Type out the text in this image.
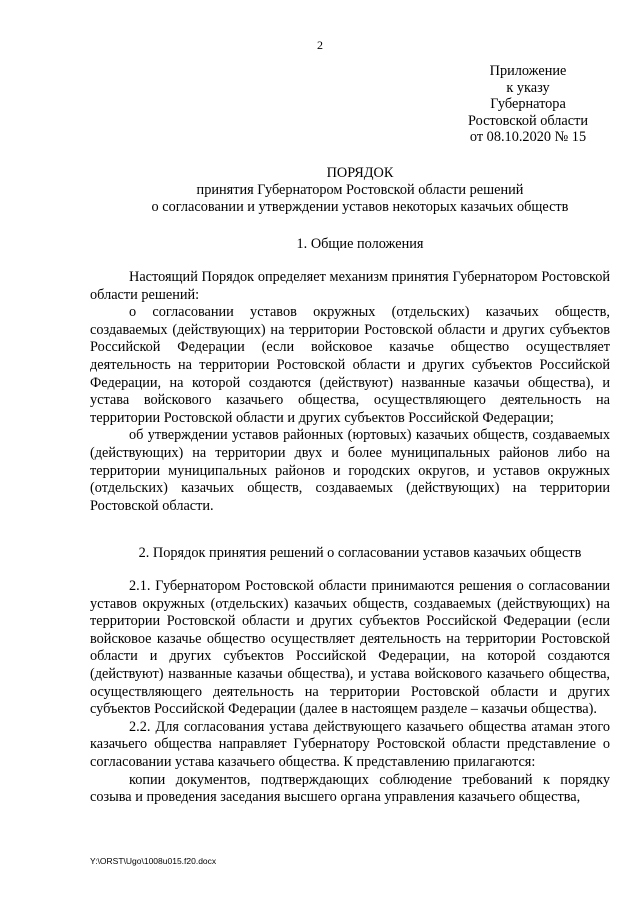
2
Приложение
к указу
Губернатора
Ростовской области
от 08.10.2020 № 15
ПОРЯДОК
принятия Губернатором Ростовской области решений
о согласовании и утверждении уставов некоторых казачьих обществ
1. Общие положения

Настоящий Порядок определяет механизм принятия Губернатором Ростовской области решений:

о согласовании уставов окружных (отдельских) казачьих обществ, создаваемых (действующих) на территории Ростовской области и других субъектов Российской Федерации (если войсковое казачье общество осуществляет деятельность на территории Ростовской области и других субъектов Российской Федерации, на которой создаются (действуют) названные казачьи общества), и устава войскового казачьего общества, осуществляющего деятельность на территории Ростовской области и других субъектов Российской Федерации;

об утверждении уставов районных (юртовых) казачьих обществ, создаваемых (действующих) на территории двух и более муниципальных районов либо на территории муниципальных районов и городских округов, и уставов окружных (отдельских) казачьих обществ, создаваемых (действующих) на территории Ростовской области.

2. Порядок принятия решений о согласовании уставов казачьих обществ

2.1. Губернатором Ростовской области принимаются решения о согласовании уставов окружных (отдельских) казачьих обществ, создаваемых (действующих) на территории Ростовской области и других субъектов Российской Федерации (если войсковое казачье общество осуществляет деятельность на территории Ростовской области и других субъектов Российской Федерации, на которой создаются (действуют) названные казачьи общества), и устава войскового казачьего общества, осуществляющего деятельность на территории Ростовской области и других субъектов Российской Федерации (далее в настоящем разделе – казачьи общества).

2.2. Для согласования устава действующего казачьего общества атаман этого казачьего общества направляет Губернатору Ростовской области представление о согласовании устава казачьего общества. К представлению прилагаются:

копии документов, подтверждающих соблюдение требований к порядку созыва и проведения заседания высшего органа управления казачьего общества,

Y:\ORST\Ugo\1008u015.f20.docx
